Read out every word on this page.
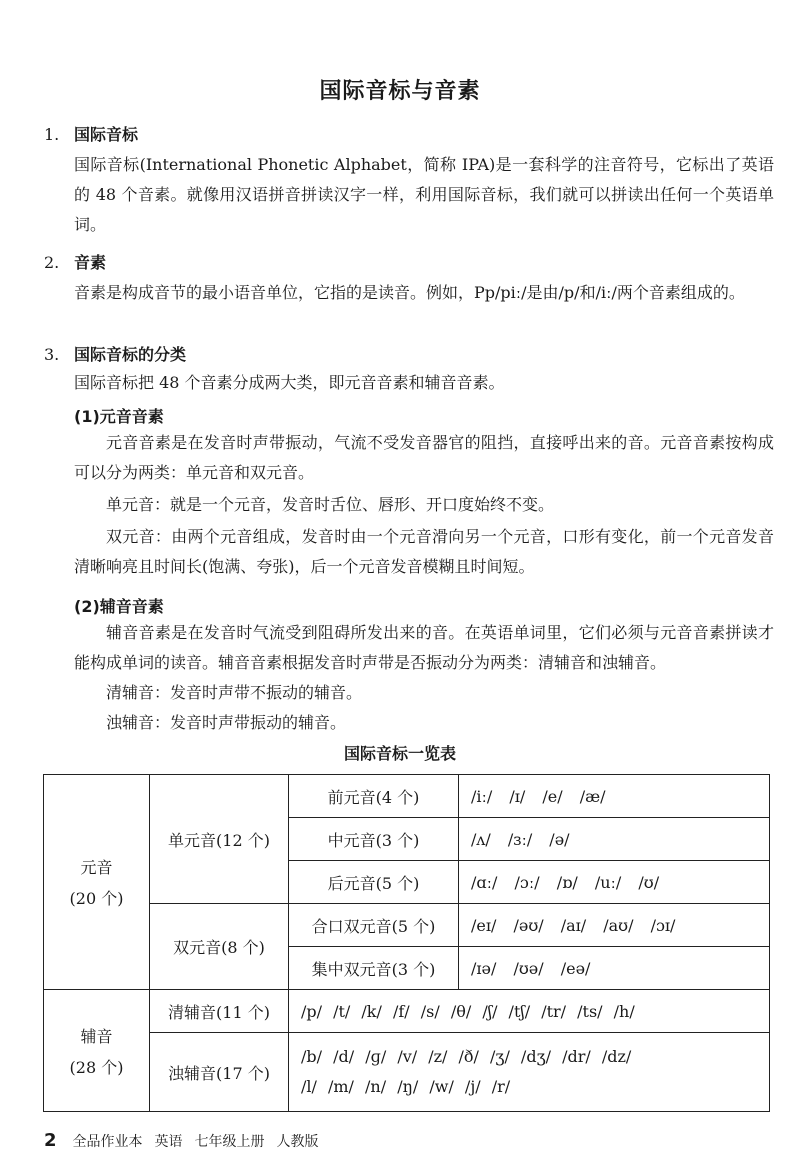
国际音标与音素
1. 国际音标
国际音标(International Phonetic Alphabet，简称 IPA)是一套科学的注音符号，它标出了英语的 48 个音素。就像用汉语拼音拼读汉字一样，利用国际音标，我们就可以拼读出任何一个英语单词。
2. 音素
音素是构成音节的最小语音单位，它指的是读音。例如，Pp/piː/是由/p/和/iː/两个音素组成的。
3. 国际音标的分类
国际音标把 48 个音素分成两大类，即元音音素和辅音音素。
(1)元音音素
元音音素是在发音时声带振动，气流不受发音器官的阻挡，直接呼出来的音。元音音素按构成可以分为两类：单元音和双元音。
单元音：就是一个元音，发音时舌位、唇形、开口度始终不变。
双元音：由两个元音组成，发音时由一个元音滑向另一个元音，口形有变化，前一个元音发音清晰响亮且时间长(饱满、夸张)，后一个元音发音模糊且时间短。
(2)辅音音素
辅音音素是在发音时气流受到阻碍所发出来的音。在英语单词里，它们必须与元音音素拼读才能构成单词的读音。辅音音素根据发音时声带是否振动分为两类：清辅音和浊辅音。
清辅音：发音时声带不振动的辅音。
浊辅音：发音时声带振动的辅音。
国际音标一览表
元音
(20 个)	单元音(12 个)	前元音(4 个)	/iː/ /ɪ/ /e/ /æ/
		中元音(3 个)	/ʌ/ /ɜː/ /ə/
		后元音(5 个)	/ɑː/ /ɔː/ /ɒ/ /uː/ /ʊ/
	双元音(8 个)	合口双元音(5 个)	/eɪ/ /əʊ/ /aɪ/ /aʊ/ /ɔɪ/
		集中双元音(3 个)	/ɪə/ /ʊə/ /eə/

辅音
(28 个)	清辅音(11 个)	/p/ /t/ /k/ /f/ /s/ /θ/ /ʃ/ /tʃ/ /tr/ /ts/ /h/	
	浊辅音(17 个)	/b/ /d/ /ɡ/ /v/ /z/ /ð/ /ʒ/ /dʒ/ /dr/ /dz/
/l/ /m/ /n/ /ŋ/ /w/ /j/ /r/	
2 全品作业本 英语 七年级上册 人教版
